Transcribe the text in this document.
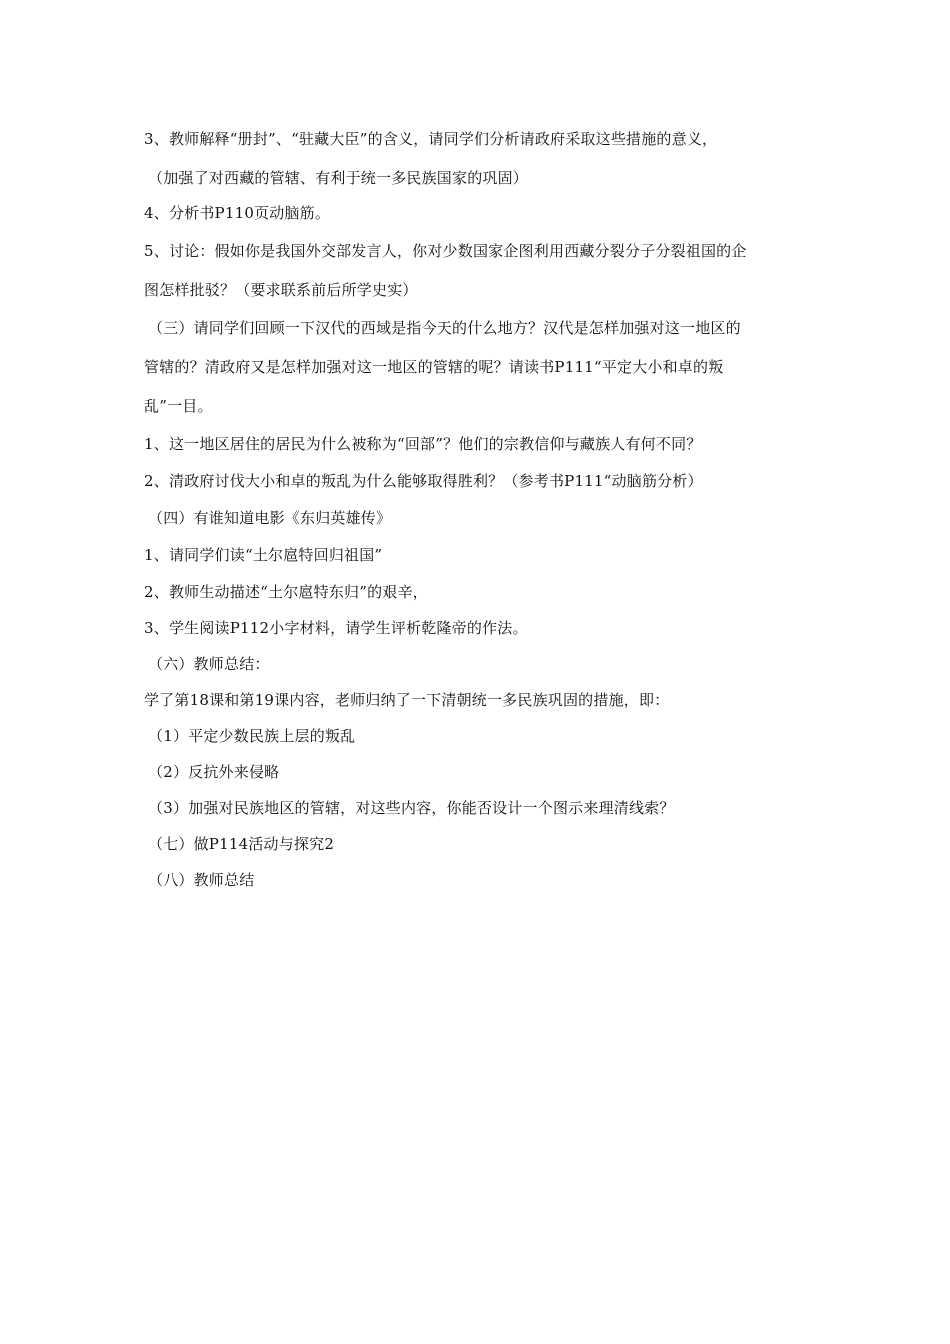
3、教师解释“册封”、“驻藏大臣”的含义，请同学们分析请政府采取这些措施的意义，
（加强了对西藏的管辖、有利于统一多民族国家的巩固）
4、分析书P110页动脑筋。
5、讨论：假如你是我国外交部发言人，你对少数国家企图利用西藏分裂分子分裂祖国的企
图怎样批驳？（要求联系前后所学史实）
（三）请同学们回顾一下汉代的西域是指今天的什么地方？汉代是怎样加强对这一地区的
管辖的？清政府又是怎样加强对这一地区的管辖的呢？请读书P111“平定大小和卓的叛
乱”一目。
1、这一地区居住的居民为什么被称为“回部”？他们的宗教信仰与藏族人有何不同？
2、清政府讨伐大小和卓的叛乱为什么能够取得胜利？（参考书P111“动脑筋分析）
（四）有谁知道电影《东归英雄传》
1、请同学们读“土尔扈特回归祖国”
2、教师生动描述“土尔扈特东归”的艰辛，
3、学生阅读P112小字材料，请学生评析乾隆帝的作法。
（六）教师总结：
学了第18课和第19课内容，老师归纳了一下清朝统一多民族巩固的措施，即：
（1）平定少数民族上层的叛乱
（2）反抗外来侵略
（3）加强对民族地区的管辖，对这些内容，你能否设计一个图示来理清线索？
（七）做P114活动与探究2
（八）教师总结
